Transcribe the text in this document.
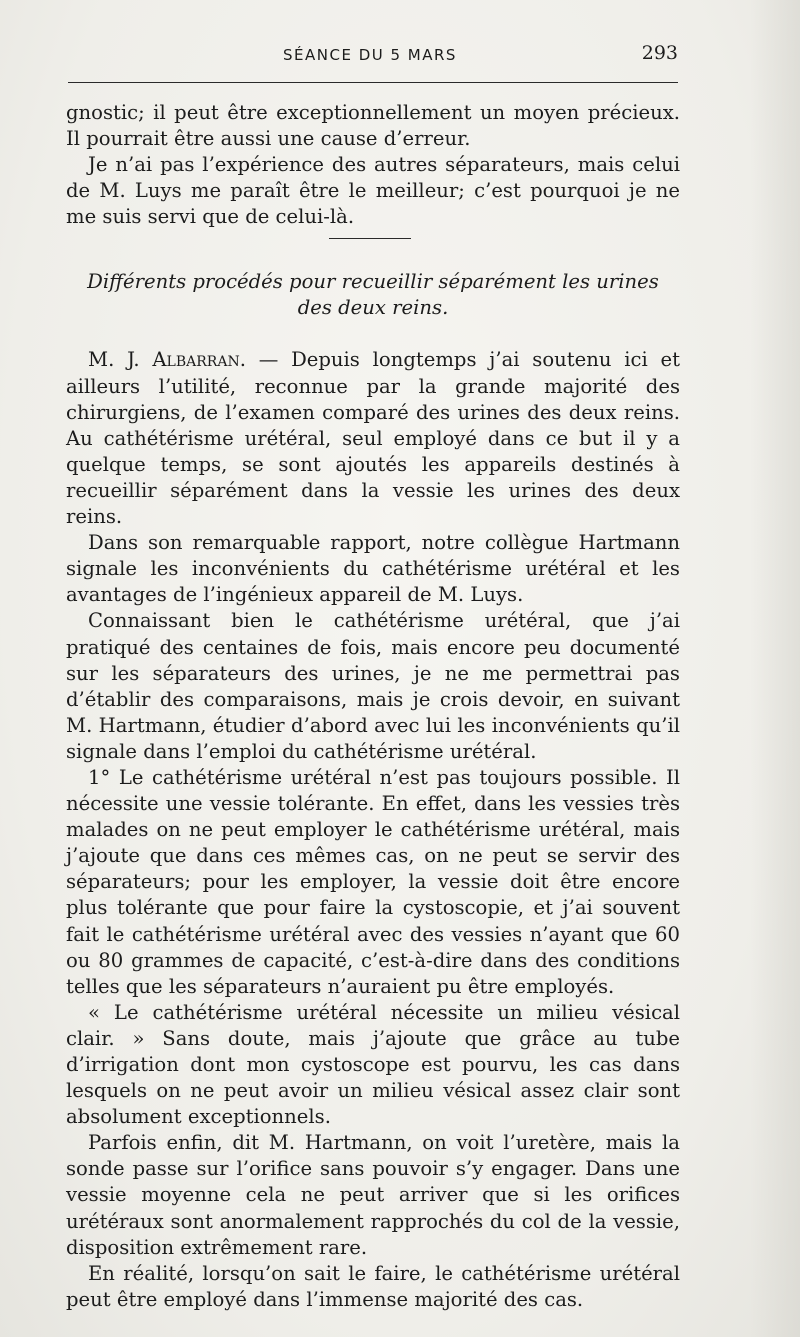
SÉANCE DU 5 MARS	293

gnostic; il peut être exceptionnellement un moyen précieux. Il pourrait être aussi une cause d’erreur.

Je n’ai pas l’expérience des autres séparateurs, mais celui de M. Luys me paraît être le meilleur; c’est pourquoi je ne me suis servi que de celui-là.

Différents procédés pour recueillir séparément les urines
des deux reins.

M. J. Albarran. — Depuis longtemps j’ai soutenu ici et ailleurs l’utilité, reconnue par la grande majorité des chirurgiens, de l’examen comparé des urines des deux reins. Au cathétérisme urétéral, seul employé dans ce but il y a quelque temps, se sont ajoutés les appareils destinés à recueillir séparément dans la vessie les urines des deux reins.

Dans son remarquable rapport, notre collègue Hartmann signale les inconvénients du cathétérisme urétéral et les avantages de l’ingénieux appareil de M. Luys.

Connaissant bien le cathétérisme urétéral, que j’ai pratiqué des centaines de fois, mais encore peu documenté sur les séparateurs des urines, je ne me permettrai pas d’établir des comparaisons, mais je crois devoir, en suivant M. Hartmann, étudier d’abord avec lui les inconvénients qu’il signale dans l’emploi du cathétérisme urétéral.

1° Le cathétérisme urétéral n’est pas toujours possible. Il nécessite une vessie tolérante. En effet, dans les vessies très malades on ne peut employer le cathétérisme urétéral, mais j’ajoute que dans ces mêmes cas, on ne peut se servir des séparateurs; pour les employer, la vessie doit être encore plus tolérante que pour faire la cystoscopie, et j’ai souvent fait le cathétérisme urétéral avec des vessies n’ayant que 60 ou 80 grammes de capacité, c’est-à-dire dans des conditions telles que les séparateurs n’auraient pu être employés.

« Le cathétérisme urétéral nécessite un milieu vésical clair. » Sans doute, mais j’ajoute que grâce au tube d’irrigation dont mon cystoscope est pourvu, les cas dans lesquels on ne peut avoir un milieu vésical assez clair sont absolument exceptionnels.

Parfois enfin, dit M. Hartmann, on voit l’uretère, mais la sonde passe sur l’orifice sans pouvoir s’y engager. Dans une vessie moyenne cela ne peut arriver que si les orifices urétéraux sont anormalement rapprochés du col de la vessie, disposition extrêmement rare.

En réalité, lorsqu’on sait le faire, le cathétérisme urétéral peut être employé dans l’immense majorité des cas.
